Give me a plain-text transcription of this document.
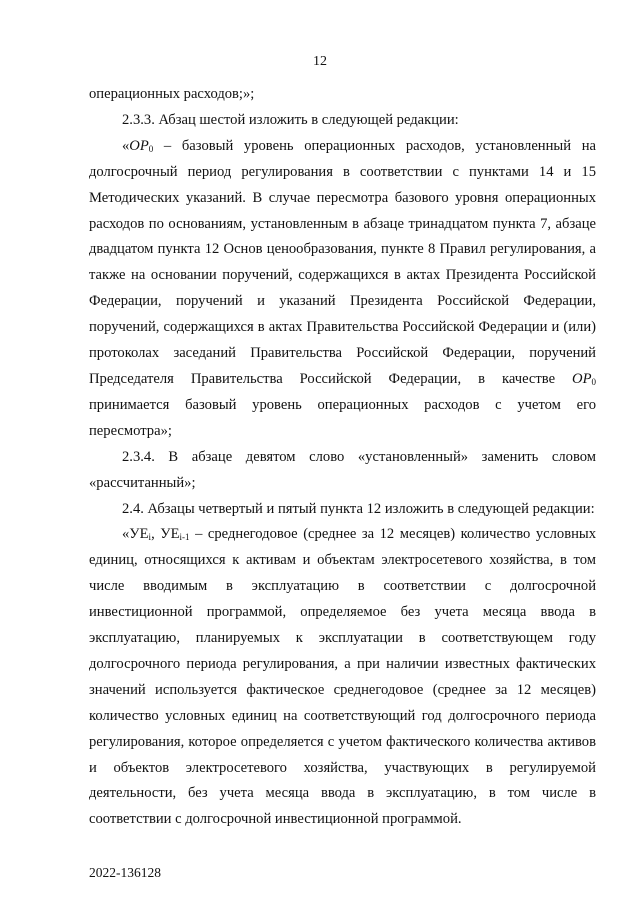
12

операционных расходов;»;

2.3.3. Абзац шестой изложить в следующей редакции:

«$OP_0$ – базовый уровень операционных расходов, установленный на долгосрочный период регулирования в соответствии с пунктами 14 и 15 Методических указаний. В случае пересмотра базового уровня операционных расходов по основаниям, установленным в абзаце тринадцатом пункта 7, абзаце двадцатом пункта 12 Основ ценообразования, пункте 8 Правил регулирования, а также на основании поручений, содержащихся в актах Президента Российской Федерации, поручений и указаний Президента Российской Федерации, поручений, содержащихся в актах Правительства Российской Федерации и (или) протоколах заседаний Правительства Российской Федерации, поручений Председателя Правительства Российской Федерации, в качестве $OP_0$ принимается базовый уровень операционных расходов с учетом его пересмотра»;

2.3.4. В абзаце девятом слово «установленный» заменить словом «рассчитанный»;

2.4. Абзацы четвертый и пятый пункта 12 изложить в следующей редакции:

«$УЕ_i$, $УЕ_{i-1}$ – среднегодовое (среднее за 12 месяцев) количество условных единиц, относящихся к активам и объектам электросетевого хозяйства, в том числе вводимым в эксплуатацию в соответствии с долгосрочной инвестиционной программой, определяемое без учета месяца ввода в эксплуатацию, планируемых к эксплуатации в соответствующем году долгосрочного периода регулирования, а при наличии известных фактических значений используется фактическое среднегодовое (среднее за 12 месяцев) количество условных единиц на соответствующий год долгосрочного периода регулирования, которое определяется с учетом фактического количества активов и объектов электросетевого хозяйства, участвующих в регулируемой деятельности, без учета месяца ввода в эксплуатацию, в том числе в соответствии с долгосрочной инвестиционной программой.

2022-136128
